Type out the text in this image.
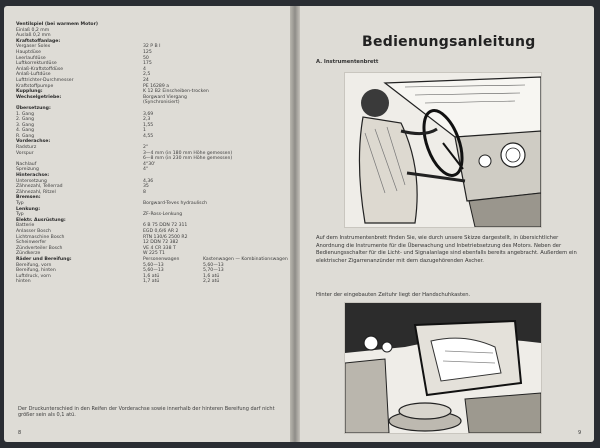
Ventilspiel (bei warmem Motor)
Einlaß 0,2 mm
Auslaß 0,2 mm
Kraftstoffanlage:
Vergaser Solex	32 P B I
Hauptdüse	125
Leerlaufdüse	50
Luftkorrekturdüse	175
Anlaß-Kraftstoffdüse	4
Anlaß-Luftdüse	2,5
Lufttrichter-Durchmesser	24
Kraftstoffpumpe	PE 16289 a
Kupplung:	K 12 B2 Einscheiben-trocken
Wechselgetriebe:	Borgward Viergang
(Synchronisiert)
Übersetzung:
1. Gang	3,69
2. Gang	2,3
3. Gang	1,55
4. Gang	1
R. Gang	4,55
Vorderachse:
Radsturz	2°
Vorspur	3—4 mm (in 180 mm Höhe gemessen)
6—8 mm (in 230 mm Höhe gemessen)
Nachlauf	4°30'
Spreizung	4°
Hinterachse:
Untersetzung	4,36
Zähnezahl, Tellerrad	35
Zähnezahl, Ritzel	8
Bremsen:
Typ	Borgward-Teves hydraulisch
Lenkung:
Typ	ZF-Ross-Lenkung
Elektr. Ausrüstung:
Batterie	6 B 75 DDN 72 311
Anlasser Bosch	EGD 0,6/6 AR 2
Lichtmaschine Bosch	RTN 130/6 2500 R2
Scheinwerfer	12 DDN 72 382
Zündverteiler Bosch	VE 4 CR 338 T
Zündkerze	W 225 T1
Räder und Bereifung:	Personenwagen	Kastenwagen — Kombinationswagen
Bereifung, vorn	5,60—13	5,60—13
Bereifung, hinten	5,60—13	5,70—13
Luftdruck, vorn	1,6 atü	1,6 atü
hinten	1,7 atü	2,2 atü
Der Druckunterschied in den Reifen der Vorderachse sowie innerhalb der hinteren Bereifung darf nicht größer sein als 0,1 atü.
8
Bedienungsanleitung
A. Instrumentenbrett
Auf dem Instrumentenbrett finden Sie, wie durch unsere Skizze dargestellt, in übersichtlicher Anordnung die Instrumente für die Überwachung und Inbetriebsetzung des Motors. Neben der Bedienungsschalter für die Licht- und Signalanlage sind ebenfalls bereits angebracht. Außerdem ein elektrischer Zigarrenanzünder mit dem dazugehörenden Ascher.
Hinter der eingebauten Zeituhr liegt der Handschuhkasten.
9
